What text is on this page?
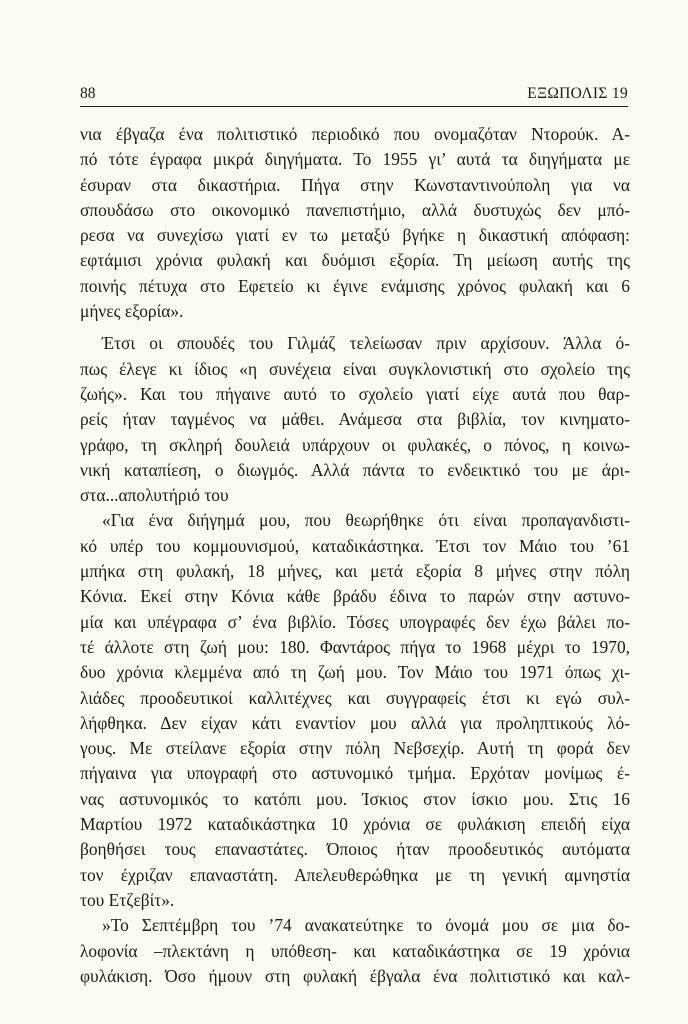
88	ΕΞΩΠΟΛΙΣ 19
νια έβγαζα ένα πολιτιστικό περιοδικό που ονομαζόταν Ντορούκ. Α-
πό τότε έγραφα μικρά διηγήματα. Το 1955 γι’ αυτά τα διηγήματα με
έσυραν στα δικαστήρια. Πήγα στην Κωνσταντινούπολη για να
σπουδάσω στο οικονομικό πανεπιστήμιο, αλλά δυστυχώς δεν μπό-
ρεσα να συνεχίσω γιατί εν τω μεταξύ βγήκε η δικαστική απόφαση:
εφτάμισι χρόνια φυλακή και δυόμισι εξορία. Τη μείωση αυτής της
ποινής πέτυχα στο Εφετείο κι έγινε ενάμισης χρόνος φυλακή και 6
μήνες εξορία».
Έτσι οι σπουδές του Γιλμάζ τελείωσαν πριν αρχίσουν. Άλλα ό-
πως έλεγε κι ίδιος «η συνέχεια είναι συγκλονιστική στο σχολείο της
ζωής». Και του πήγαινε αυτό το σχολείο γιατί είχε αυτά που θαρ-
ρείς ήταν ταγμένος να μάθει. Ανάμεσα στα βιβλία, τον κινηματο-
γράφο, τη σκληρή δουλειά υπάρχουν οι φυλακές, ο πόνος, η κοινω-
νική καταπίεση, ο διωγμός. Αλλά πάντα το ενδεικτικό του με άρι-
στα...απολυτήριό του
«Για ένα διήγημά μου, που θεωρήθηκε ότι είναι προπαγανδιστι-
κό υπέρ του κομμουνισμού, καταδικάστηκα. Έτσι τον Μάιο του ’61
μπήκα στη φυλακή, 18 μήνες, και μετά εξορία 8 μήνες στην πόλη
Κόνια. Εκεί στην Κόνια κάθε βράδυ έδινα το παρών στην αστυνο-
μία και υπέγραφα σ’ ένα βιβλίο. Τόσες υπογραφές δεν έχω βάλει πο-
τέ άλλοτε στη ζωή μου: 180. Φαντάρος πήγα το 1968 μέχρι το 1970,
δυο χρόνια κλεμμένα από τη ζωή μου. Τον Μάιο του 1971 όπως χι-
λιάδες προοδευτικοί καλλιτέχνες και συγγραφείς έτσι κι εγώ συλ-
λήφθηκα. Δεν είχαν κάτι εναντίον μου αλλά για προληπτικούς λό-
γους. Με στείλανε εξορία στην πόλη Νεβσεχίρ. Αυτή τη φορά δεν
πήγαινα για υπογραφή στο αστυνομικό τμήμα. Ερχόταν μονίμως έ-
νας αστυνομικός το κατόπι μου. Ίσκιος στον ίσκιο μου. Στις 16
Μαρτίου 1972 καταδικάστηκα 10 χρόνια σε φυλάκιση επειδή είχα
βοηθήσει τους επαναστάτες. Όποιος ήταν προοδευτικός αυτόματα
τον έχριζαν επαναστάτη. Απελευθερώθηκα με τη γενική αμνηστία
του Ετζεβίτ».
»Το Σεπτέμβρη του ’74 ανακατεύτηκε το όνομά μου σε μια δο-
λοφονία –πλεκτάνη η υπόθεση- και καταδικάστηκα σε 19 χρόνια
φυλάκιση. Όσο ήμουν στη φυλακή έβγαλα ένα πολιτιστικό και καλ-
